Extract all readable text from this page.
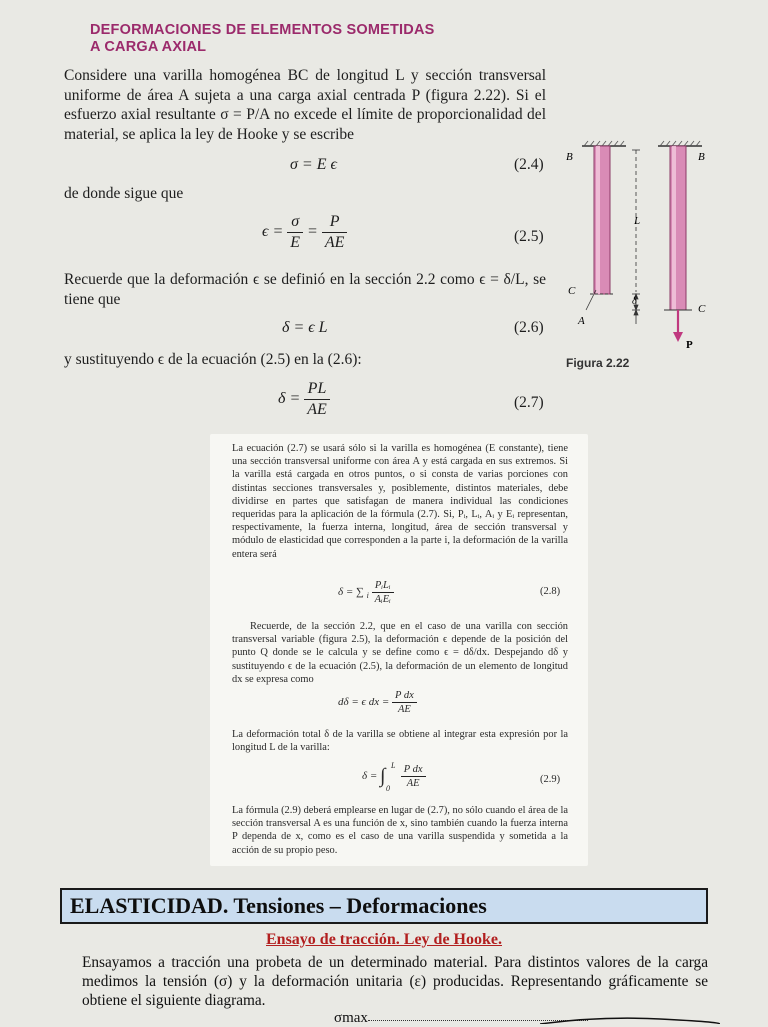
DEFORMACIONES DE ELEMENTOS SOMETIDAS
A CARGA AXIAL
Considere una varilla homogénea BC de longitud L y sección transversal uniforme de área A sujeta a una carga axial centrada P (figura 2.22). Si el esfuerzo axial resultante σ = P/A no excede el límite de proporcionalidad del material, se aplica la ley de Hooke y se escribe
σ = E ϵ	(2.4)
de donde sigue que
$\epsilon = \frac{\sigma}{E} = \frac{P}{AE}$	(2.5)
Recuerde que la deformación ϵ se definió en la sección 2.2 como ϵ = δ/L, se tiene que
δ = ϵ L	(2.6)
y sustituyendo ϵ de la ecuación (2.5) en la (2.6):
$\delta = \frac{PL}{AE}$	(2.7)
B	B
L
C
C
A
δ
P
Figura 2.22
La ecuación (2.7) se usará sólo si la varilla es homogénea (E constante), tiene una sección transversal uniforme con área A y está cargada en sus extremos. Si la varilla está cargada en otros puntos, o si consta de varias porciones con distintas secciones transversales y, posiblemente, distintos materiales, debe dividirse en partes que satisfagan de manera individual las condiciones requeridas para la aplicación de la fórmula (2.7). Si, Pᵢ, Lᵢ, Aᵢ y Eᵢ representan, respectivamente, la fuerza interna, longitud, área de sección transversal y módulo de elasticidad que corresponden a la parte i, la deformación de la varilla entera será
δ = ∑ $_i \frac{\text{PᵢLᵢ}}{\text{AᵢEᵢ}}$	(2.8)
Recuerde, de la sección 2.2, que en el caso de una varilla con sección transversal variable (figura 2.5), la deformación ϵ depende de la posición del punto Q donde se le calcula y se define como ϵ = dδ/dx. Despejando dδ y sustituyendo ϵ de la ecuación (2.5), la deformación de un elemento de longitud dx se expresa como
dδ = ϵ dx = $\frac{\text{P dx}}{AE}$
La deformación total δ de la varilla se obtiene al integrar esta expresión por la longitud L de la varilla:
δ = ∫ L
0
$\frac{\text{P dx}}{AE}$	(2.9)
La fórmula (2.9) deberá emplearse en lugar de (2.7), no sólo cuando el área de la sección transversal A es una función de x, sino también cuando la fuerza interna P dependa de x, como es el caso de una varilla suspendida y sometida a la acción de su propio peso.
ELASTICIDAD. Tensiones – Deformaciones
Ensayo de tracción. Ley de Hooke.
Ensayamos a tracción una probeta de un determinado material. Para distintos valores de la carga medimos la tensión (σ) y la deformación unitaria (ε) producidas. Representando gráficamente se obtiene el siguiente diagrama.
σmax
